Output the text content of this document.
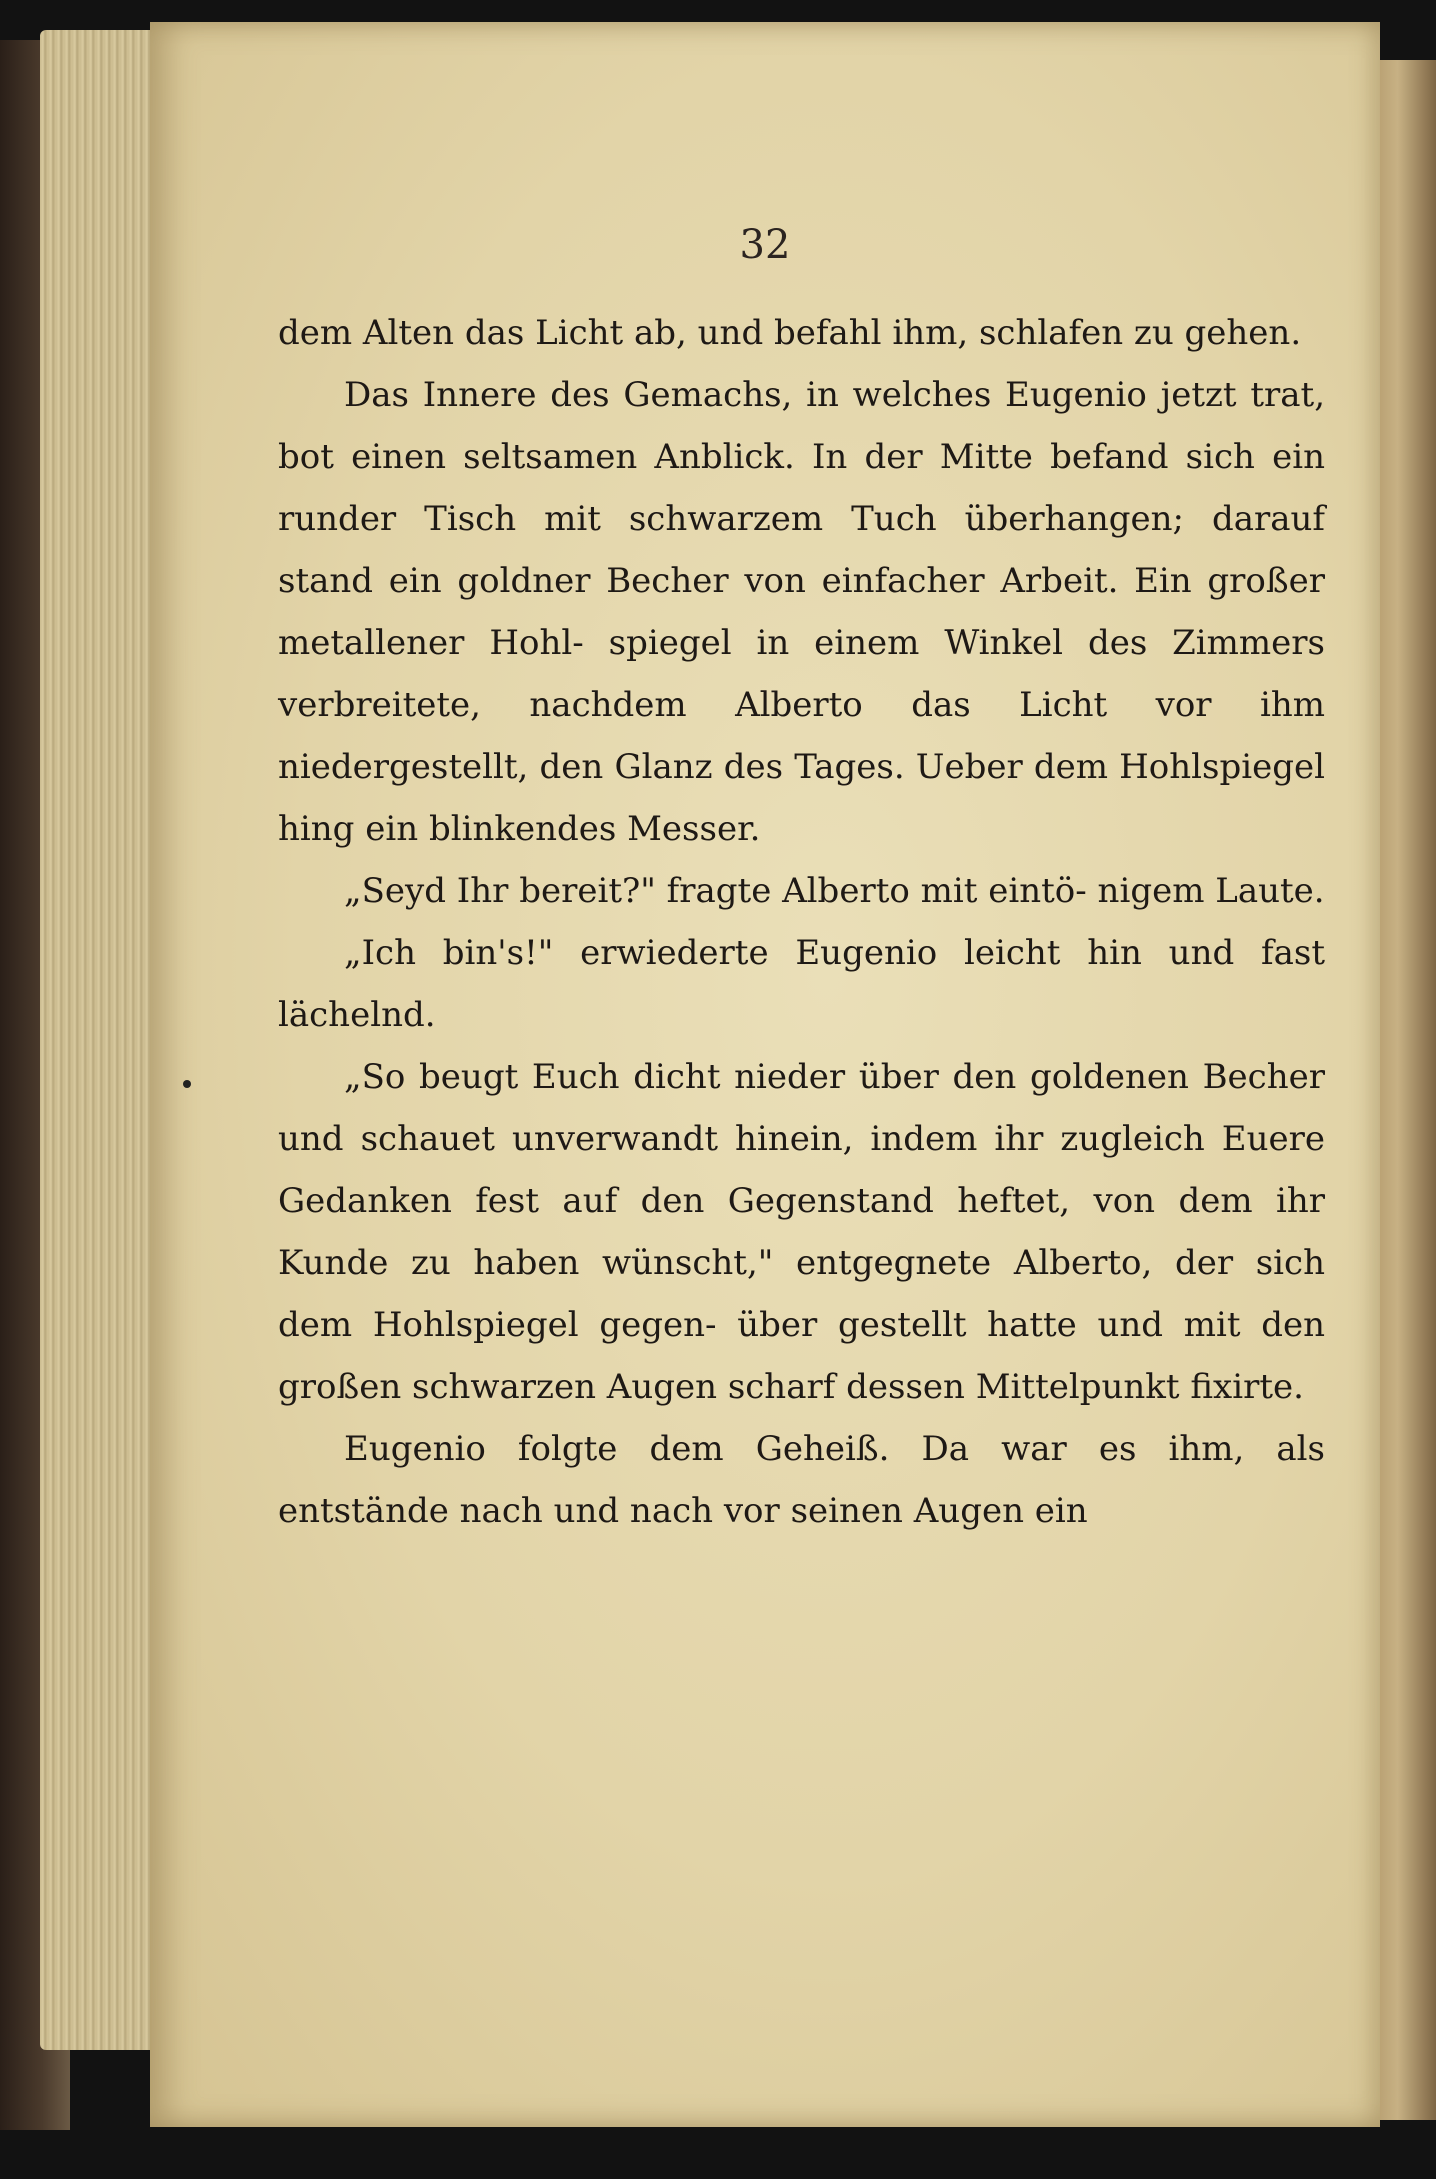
32

dem Alten das Licht ab, und befahl ihm, schlafen zu gehen.

Das Innere des Gemachs, in welches Eugenio jetzt trat, bot einen seltsamen Anblick. In der Mitte befand sich ein runder Tisch mit schwarzem Tuch überhangen; darauf stand ein goldner Becher von einfacher Arbeit. Ein großer metallener Hohl- spiegel in einem Winkel des Zimmers verbreitete, nachdem Alberto das Licht vor ihm niedergestellt, den Glanz des Tages. Ueber dem Hohlspiegel hing ein blinkendes Messer.

„Seyd Ihr bereit?" fragte Alberto mit eintö- nigem Laute.

„Ich bin's!" erwiederte Eugenio leicht hin und fast lächelnd.

„So beugt Euch dicht nieder über den goldenen Becher und schauet unverwandt hinein, indem ihr zugleich Euere Gedanken fest auf den Gegenstand heftet, von dem ihr Kunde zu haben wünscht," entgegnete Alberto, der sich dem Hohlspiegel gegen- über gestellt hatte und mit den großen schwarzen Augen scharf dessen Mittelpunkt fixirte.

Eugenio folgte dem Geheiß. Da war es ihm, als entstände nach und nach vor seinen Augen ein
